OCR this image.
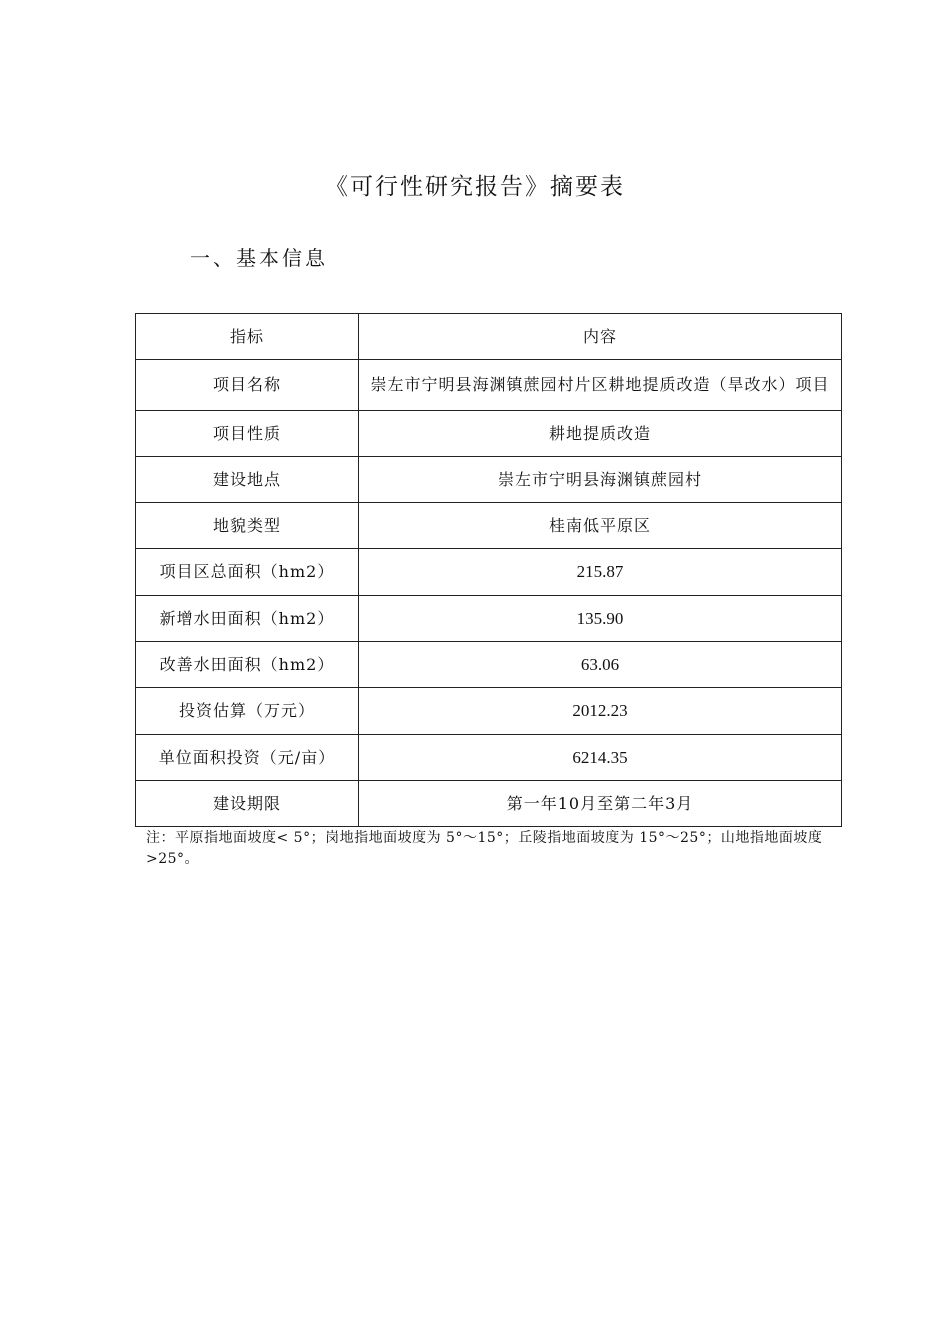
《可行性研究报告》摘要表
一、基本信息
指标	内容
项目名称	崇左市宁明县海渊镇蔗园村片区耕地提质改造（旱改水）项目
项目性质	耕地提质改造
建设地点	崇左市宁明县海渊镇蔗园村
地貌类型	桂南低平原区
项目区总面积（hm2）	215.87
新增水田面积（hm2）	135.90
改善水田面积（hm2）	63.06
投资估算（万元）	2012.23
单位面积投资（元/亩）	6214.35
建设期限	第一年10月至第二年3月
注：平原指地面坡度< 5°；岗地指地面坡度为 5°～15°；丘陵指地面坡度为 15°～25°；山地指地面坡度>25°。
